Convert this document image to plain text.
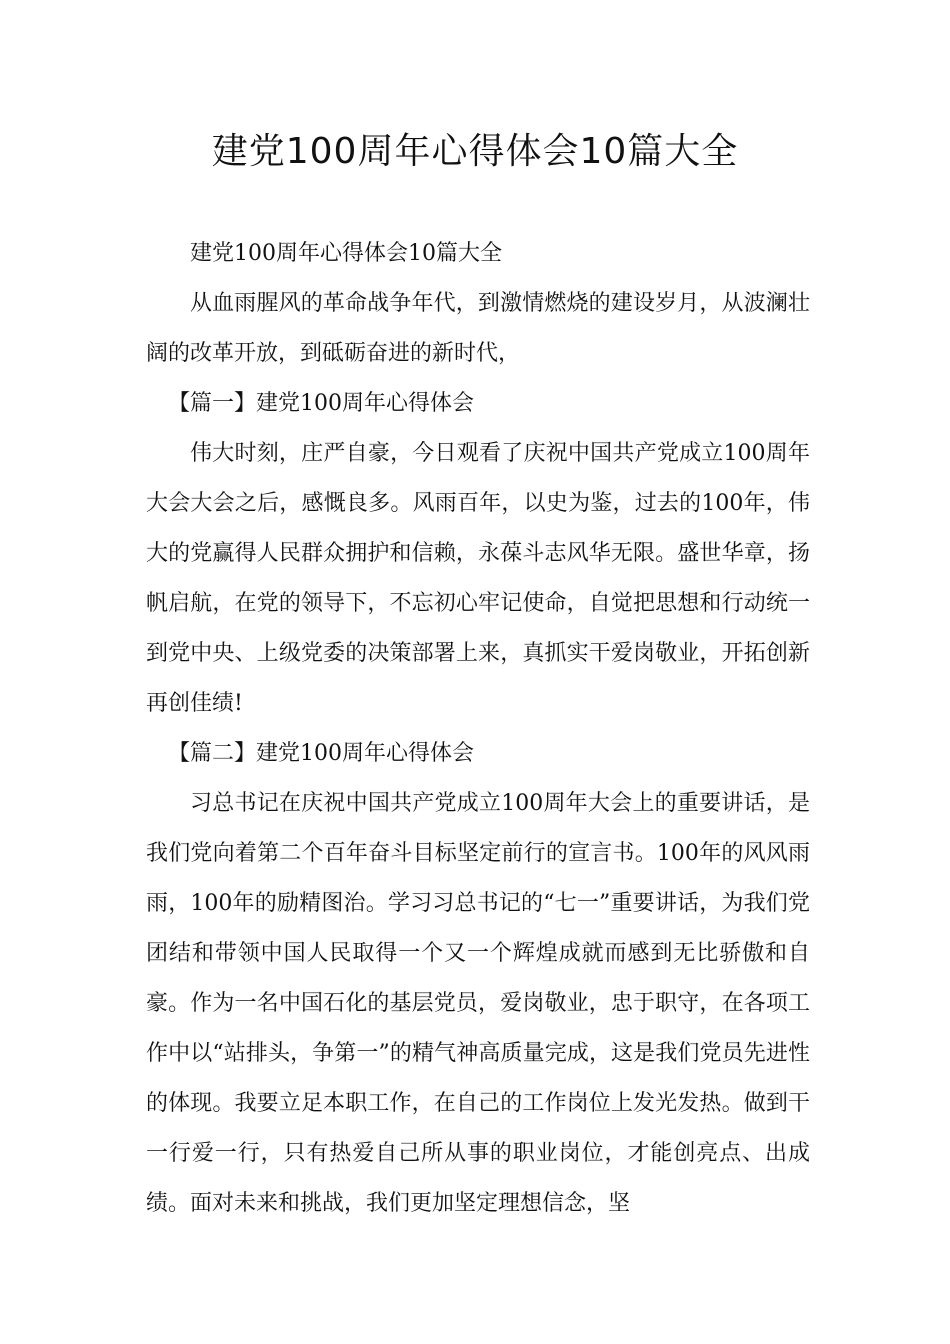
建党100周年心得体会10篇大全

建党100周年心得体会10篇大全

从血雨腥风的革命战争年代，到激情燃烧的建设岁月，从波澜壮阔的改革开放，到砥砺奋进的新时代，

【篇一】建党100周年心得体会

伟大时刻，庄严自豪，今日观看了庆祝中国共产党成立100周年大会大会之后，感慨良多。风雨百年，以史为鉴，过去的100年，伟大的党赢得人民群众拥护和信赖，永葆斗志风华无限。盛世华章，扬帆启航，在党的领导下，不忘初心牢记使命，自觉把思想和行动统一到党中央、上级党委的决策部署上来，真抓实干爱岗敬业，开拓创新再创佳绩!

【篇二】建党100周年心得体会

习总书记在庆祝中国共产党成立100周年大会上的重要讲话，是我们党向着第二个百年奋斗目标坚定前行的宣言书。100年的风风雨雨，100年的励精图治。学习习总书记的“七一”重要讲话，为我们党团结和带领中国人民取得一个又一个辉煌成就而感到无比骄傲和自豪。作为一名中国石化的基层党员，爱岗敬业，忠于职守，在各项工作中以“站排头，争第一”的精气神高质量完成，这是我们党员先进性的体现。我要立足本职工作，在自己的工作岗位上发光发热。做到干一行爱一行，只有热爱自己所从事的职业岗位，才能创亮点、出成绩。面对未来和挑战，我们更加坚定理想信念，坚
